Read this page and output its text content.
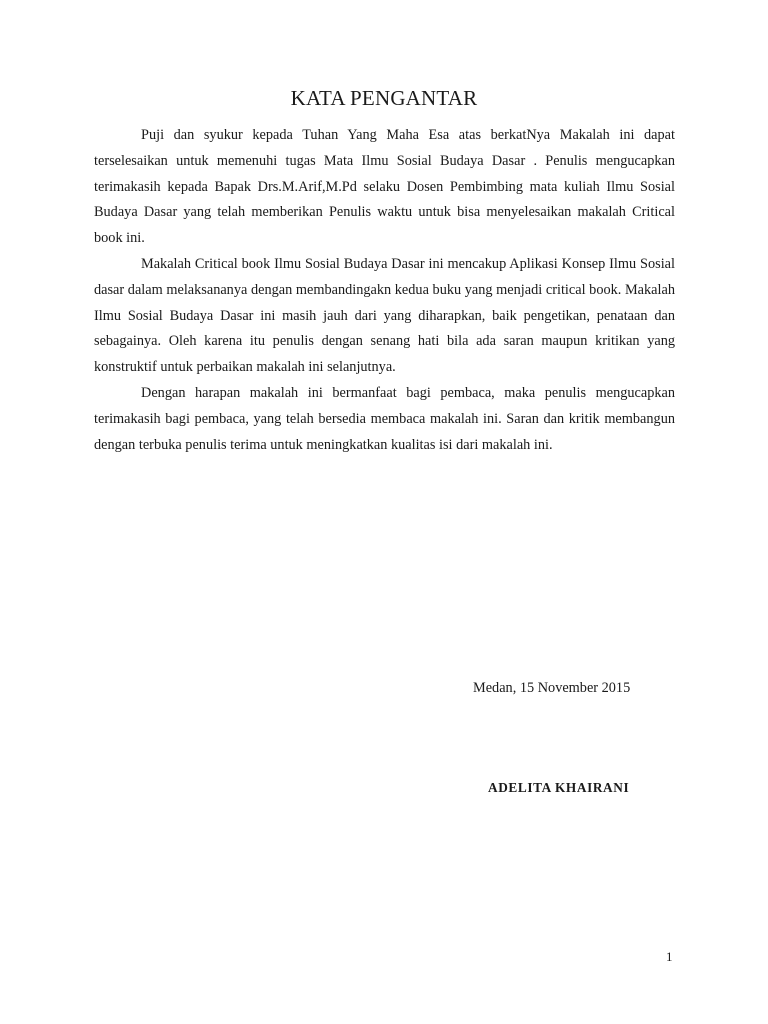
KATA PENGANTAR

Puji dan syukur kepada Tuhan Yang Maha Esa atas berkatNya Makalah ini dapat terselesaikan untuk memenuhi tugas Mata Ilmu Sosial Budaya Dasar . Penulis mengucapkan terimakasih kepada Bapak Drs.M.Arif,M.Pd selaku Dosen Pembimbing mata kuliah Ilmu Sosial Budaya Dasar yang telah memberikan Penulis waktu untuk bisa menyelesaikan makalah Critical book ini.

Makalah Critical book Ilmu Sosial Budaya Dasar ini mencakup Aplikasi Konsep Ilmu Sosial dasar dalam melaksananya dengan membandingakn kedua buku yang menjadi critical book. Makalah Ilmu Sosial Budaya Dasar ini masih jauh dari yang diharapkan, baik pengetikan, penataan dan sebagainya. Oleh karena itu penulis dengan senang hati bila ada saran maupun kritikan yang konstruktif untuk perbaikan makalah ini selanjutnya.

Dengan harapan makalah ini bermanfaat bagi pembaca, maka penulis mengucapkan terimakasih bagi pembaca, yang telah bersedia membaca makalah ini. Saran dan kritik membangun dengan terbuka penulis terima untuk meningkatkan kualitas isi dari makalah ini.

Medan, 15 November 2015
ADELITA KHAIRANI
1
